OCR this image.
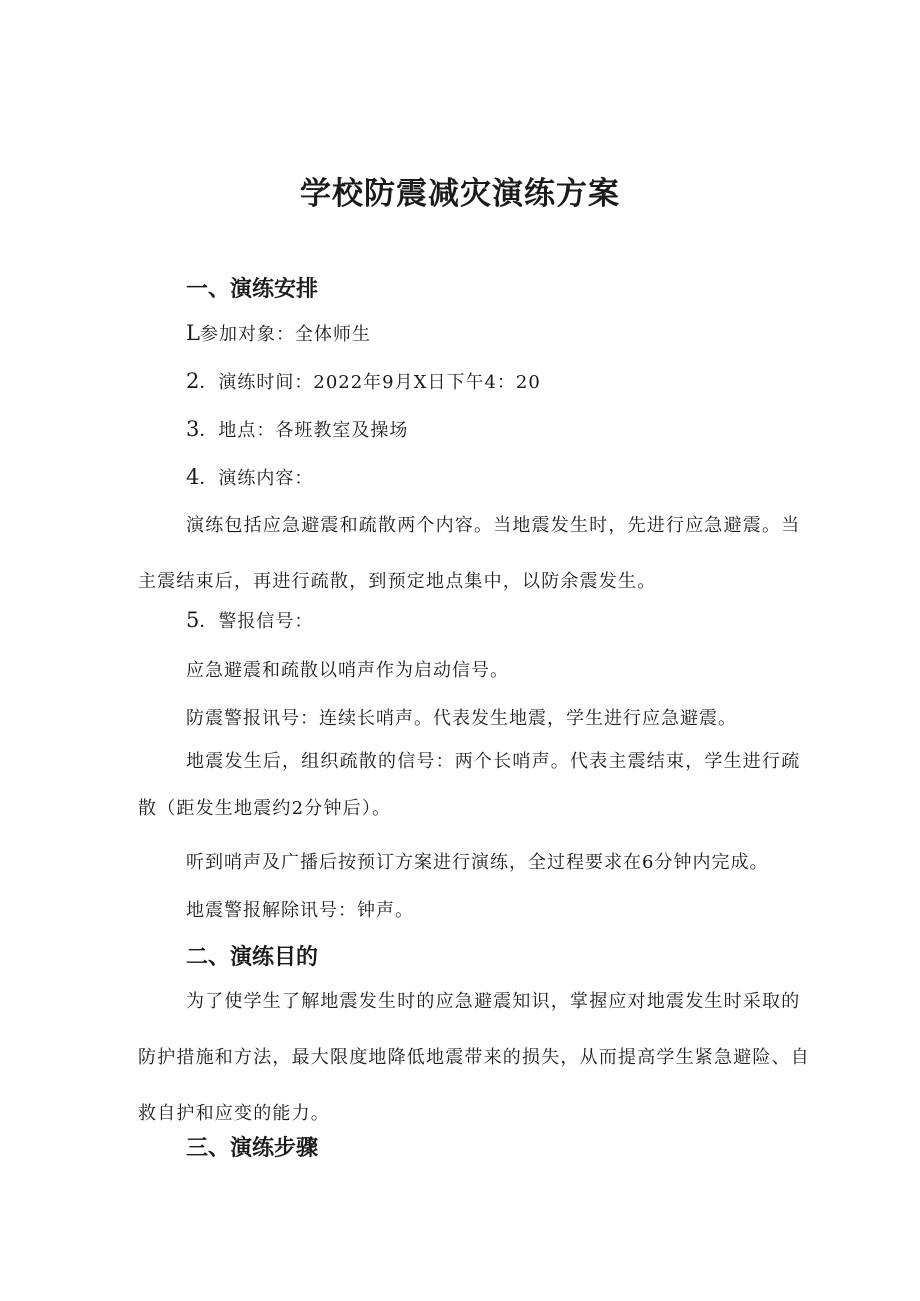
学校防震减灾演练方案
一、演练安排

L参加对象：全体师生

2．演练时间：2022年9月X日下午4：20

3．地点：各班教室及操场

4．演练内容：

演练包括应急避震和疏散两个内容。当地震发生时，先进行应急避震。当主震结束后，再进行疏散，到预定地点集中，以防余震发生。

5．警报信号：

应急避震和疏散以哨声作为启动信号。

防震警报讯号：连续长哨声。代表发生地震，学生进行应急避震。

地震发生后，组织疏散的信号：两个长哨声。代表主震结束，学生进行疏散（距发生地震约2分钟后）。

听到哨声及广播后按预订方案进行演练，全过程要求在6分钟内完成。

地震警报解除讯号：钟声。

二、演练目的

为了使学生了解地震发生时的应急避震知识，掌握应对地震发生时采取的防护措施和方法，最大限度地降低地震带来的损失，从而提高学生紧急避险、自救自护和应变的能力。

三、演练步骤
